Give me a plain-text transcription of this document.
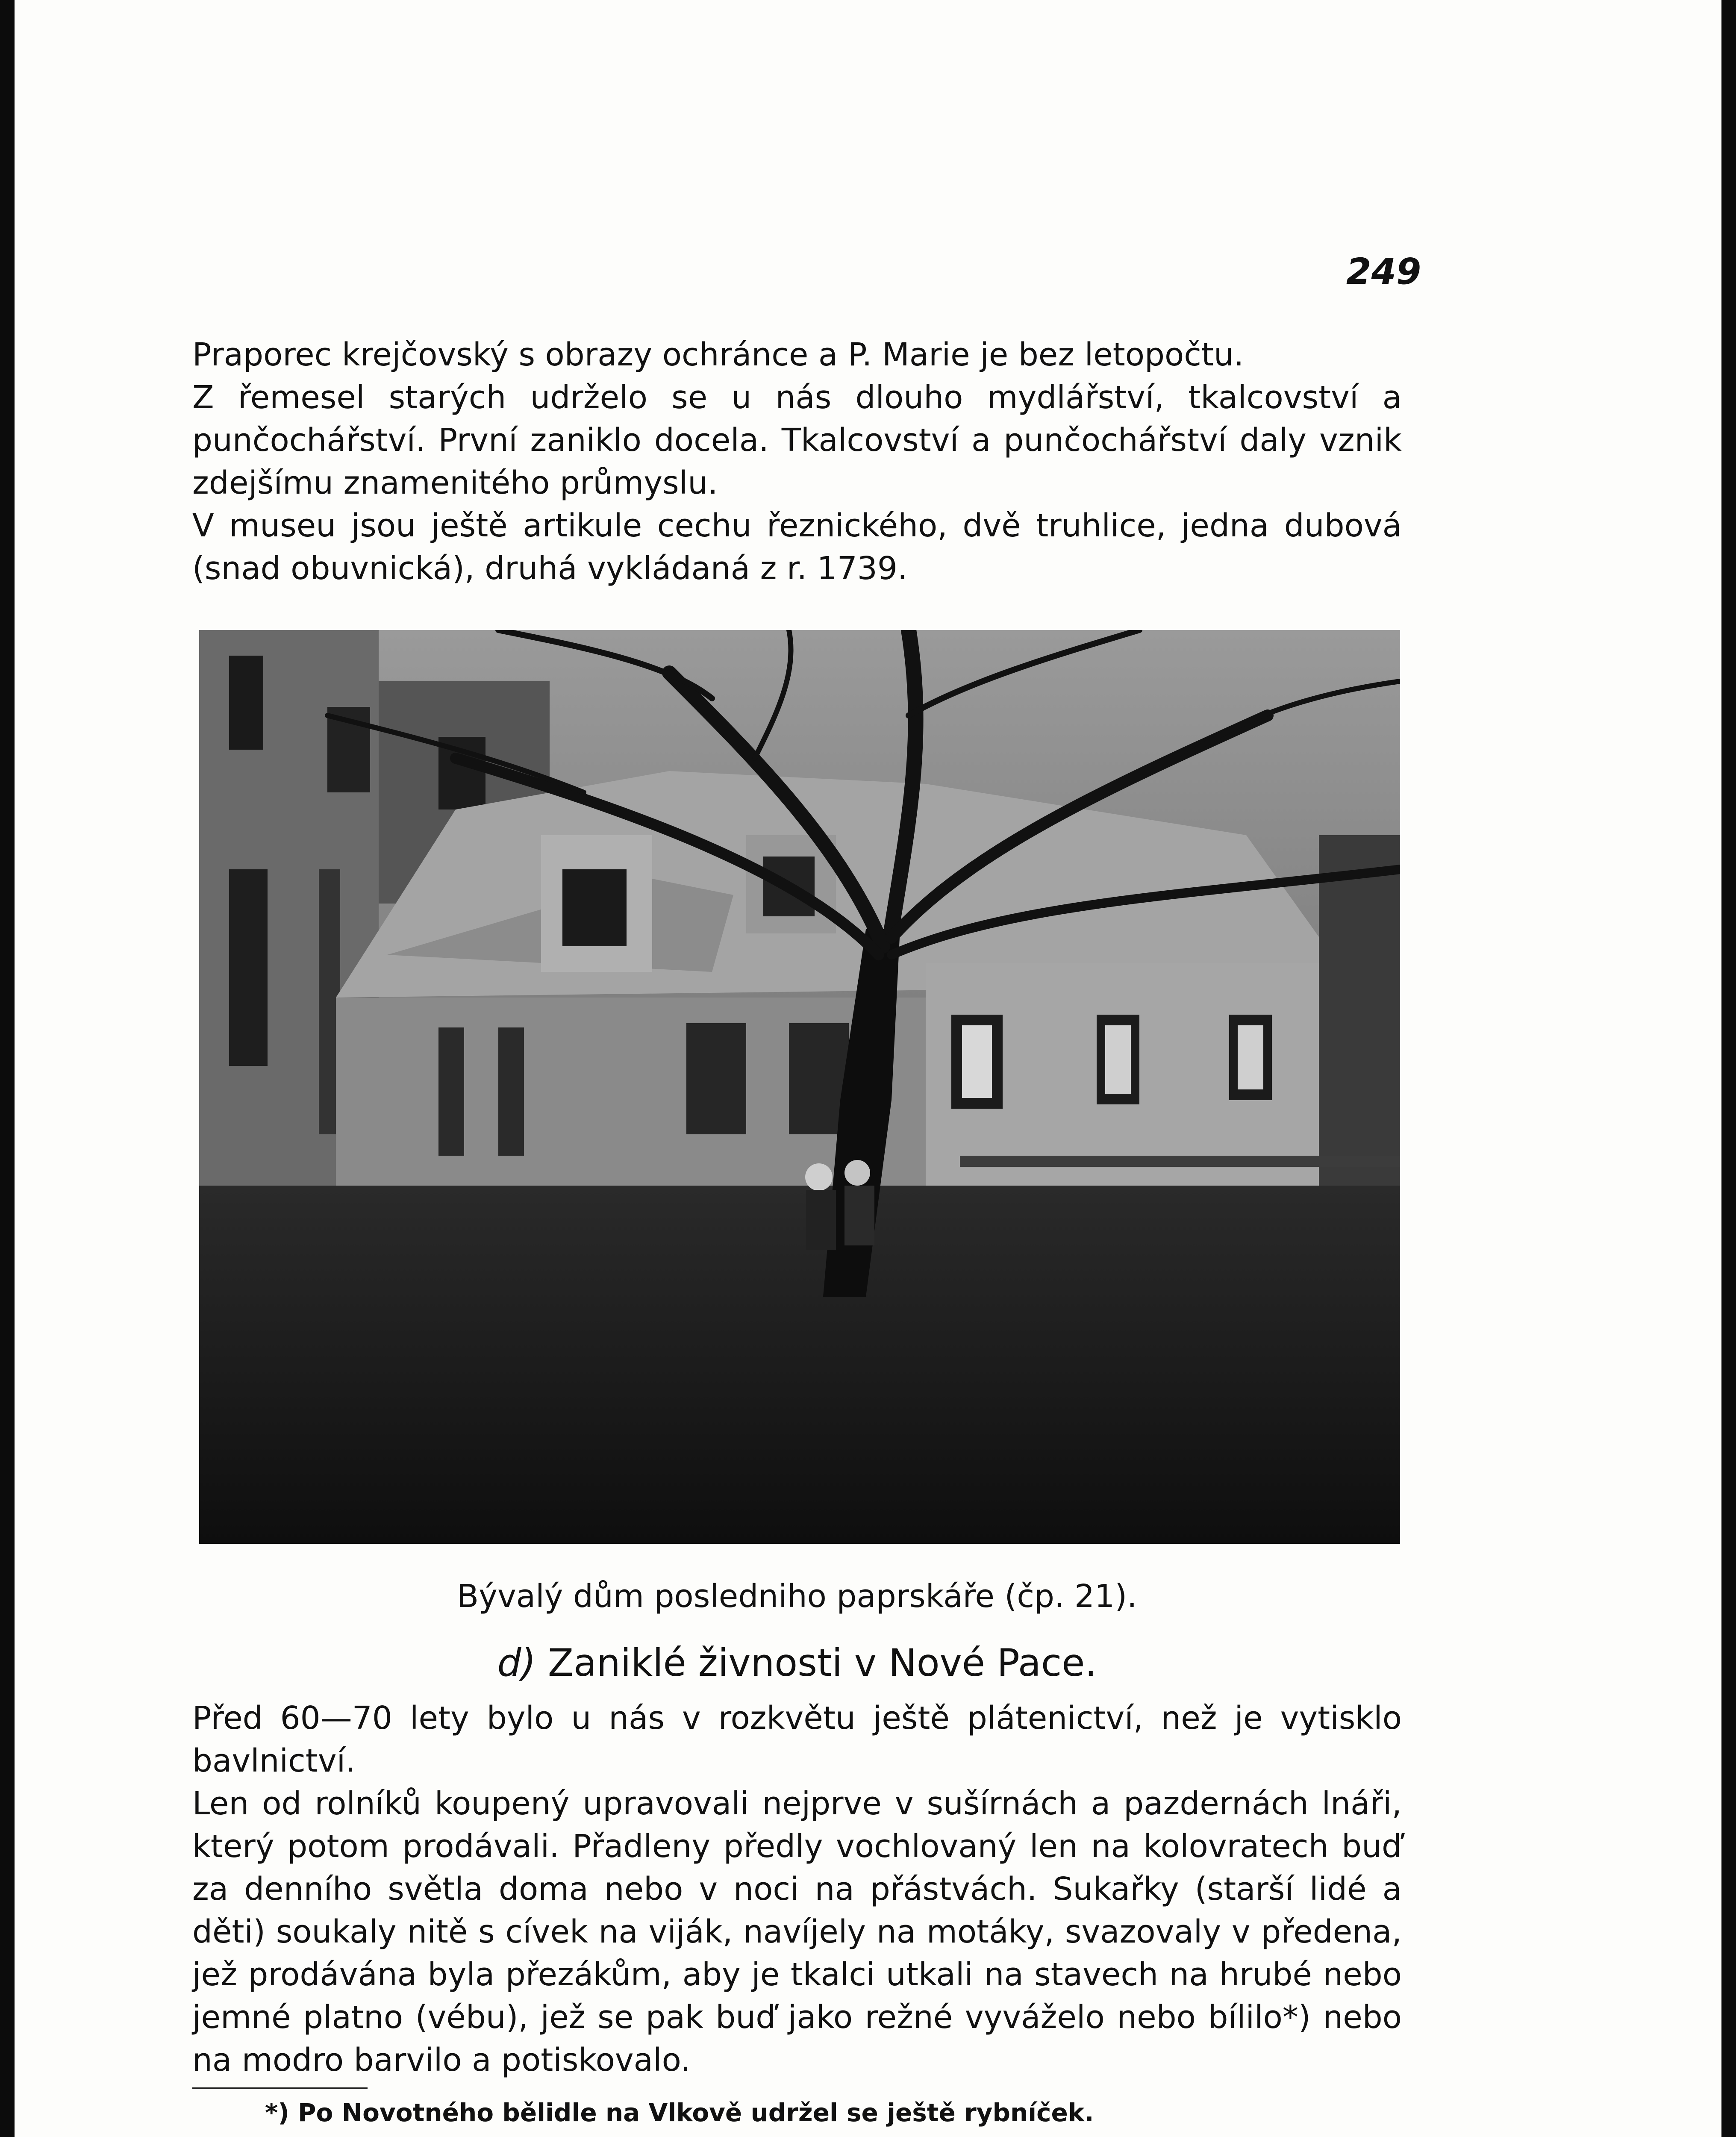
249

Praporec krejčovský s obrazy ochránce a P. Marie je bez letopočtu.

Z řemesel starých udrželo se u nás dlouho mydlářství, tkalcovství a punčochářství. První zaniklo docela. Tkalcovství a punčochářství daly vznik zdejšímu znamenitého průmyslu.

V museu jsou ještě artikule cechu řeznického, dvě truhlice, jedna dubová (snad obuvnická), druhá vykládaná z r. 1739.

Bývalý dům posledniho paprskáře (čp. 21).

d) Zaniklé živnosti v Nové Pace.

Před 60—70 lety bylo u nás v rozkvětu ještě plátenictví, než je vytisklo bavlnictví.

Len od rolníků koupený upravovali nejprve v sušírnách a pazdernách lnáři, který potom prodávali. Přadleny předly vochlovaný len na kolovratech buď za denního světla doma nebo v noci na přástvách. Sukařky (starší lidé a děti) soukaly nitě s cívek na viják, navíjely na motáky, svazovaly v předena, jež prodávána byla přezákům, aby je tkalci utkali na stavech na hrubé nebo jemné platno (vébu), jež se pak buď jako režné vyváželo nebo bílilo*) nebo na modro barvilo a potiskovalo.

*) Po Novotného bělidle na Vlkově udržel se ještě rybníček.
